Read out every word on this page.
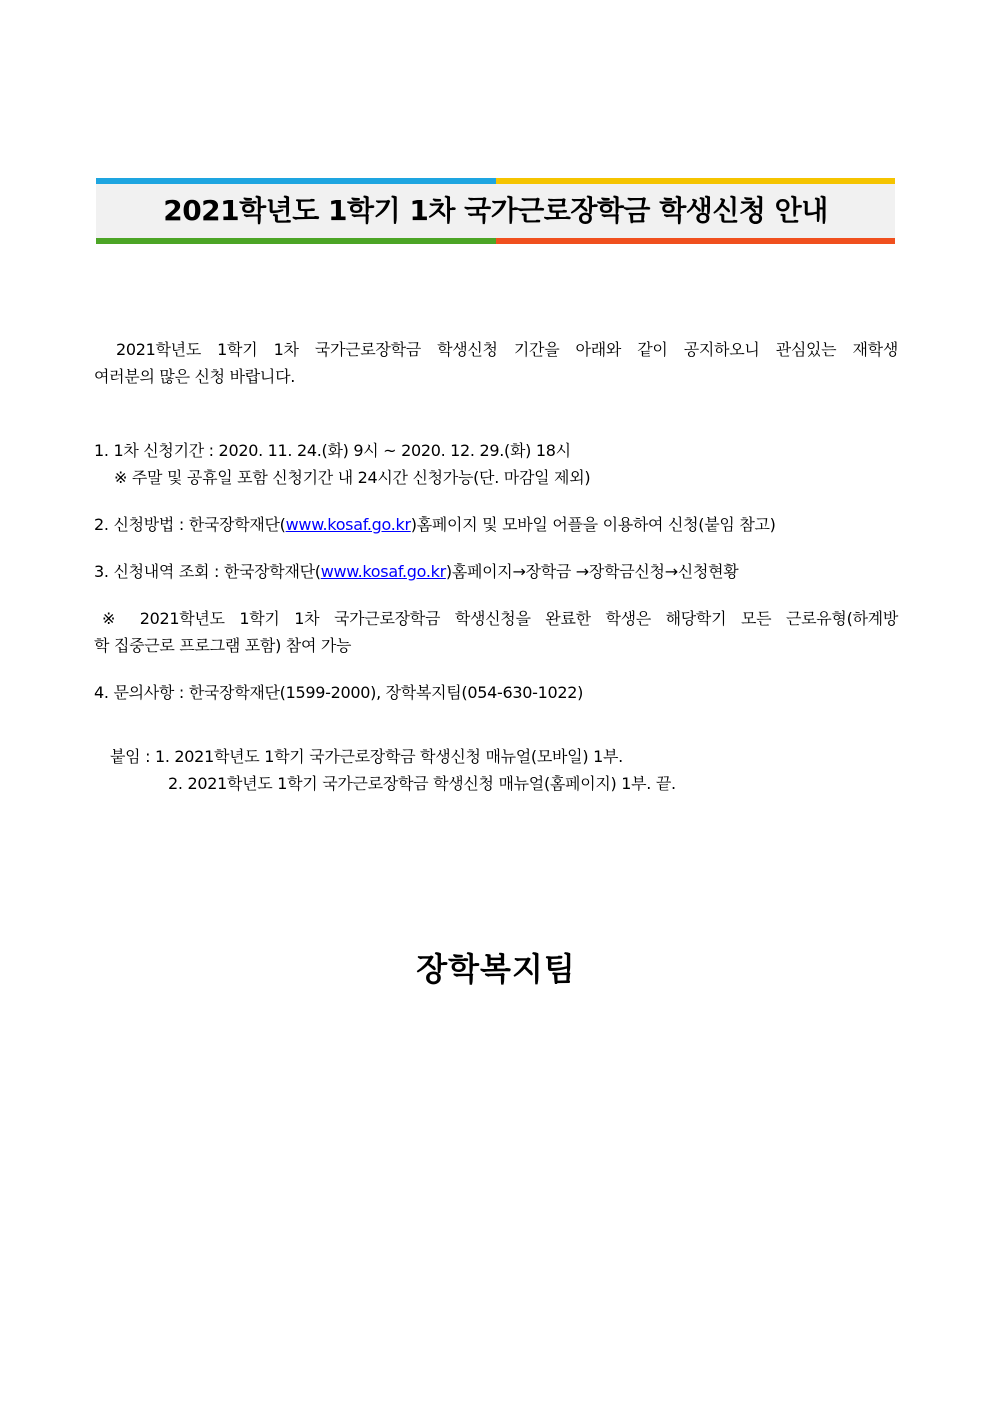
2021학년도 1학기 1차 국가근로장학금 학생신청 안내
2021학년도 1학기 1차 국가근로장학금 학생신청 기간을 아래와 같이 공지하오니 관심있는 재학생
여러분의 많은 신청 바랍니다.
1. 1차 신청기간 : 2020. 11. 24.(화) 9시 ~ 2020. 12. 29.(화) 18시
※ 주말 및 공휴일 포함 신청기간 내 24시간 신청가능(단. 마감일 제외)
2. 신청방법 : 한국장학재단(www.kosaf.go.kr)홈페이지 및 모바일 어플을 이용하여 신청(붙임 참고)
3. 신청내역 조회 : 한국장학재단(www.kosaf.go.kr)홈페이지→장학금 →장학금신청→신청현황
※ 2021학년도 1학기 1차 국가근로장학금 학생신청을 완료한 학생은 해당학기 모든 근로유형(하계방
학 집중근로 프로그램 포함) 참여 가능
4. 문의사항 : 한국장학재단(1599-2000), 장학복지팀(054-630-1022)
붙임 : 1. 2021학년도 1학기 국가근로장학금 학생신청 매뉴얼(모바일) 1부.
2. 2021학년도 1학기 국가근로장학금 학생신청 매뉴얼(홈페이지) 1부. 끝.
장학복지팀
